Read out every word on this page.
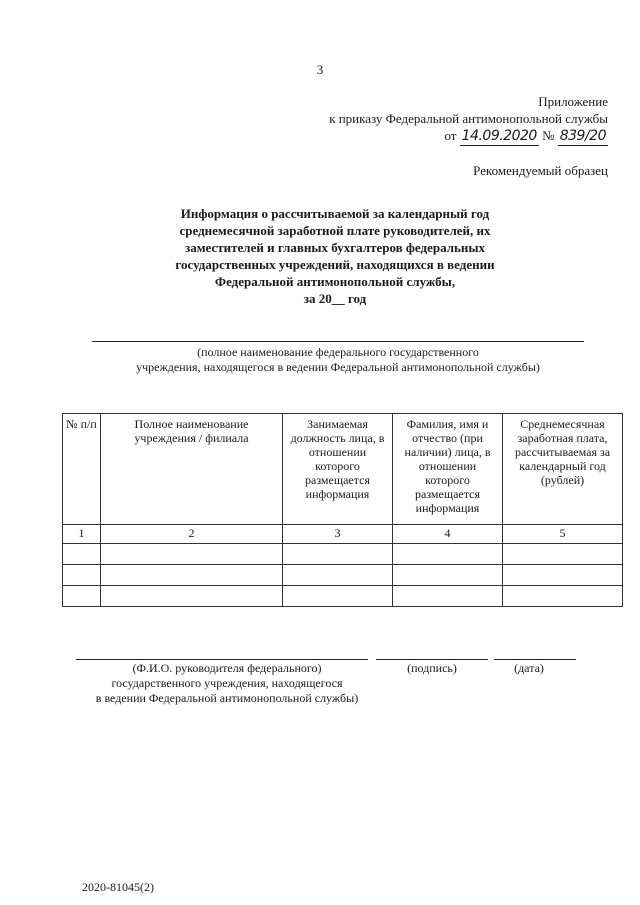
3
Приложение
к приказу Федеральной антимонопольной службы
от 14.09.2020 № 839/20
Рекомендуемый образец
Информация о рассчитываемой за календарный год
среднемесячной заработной плате руководителей, их
заместителей и главных бухгалтеров федеральных
государственных учреждений, находящихся в ведении
Федеральной антимонопольной службы,
за 20__ год
(полное наименование федерального государственного
учреждения, находящегося в ведении Федеральной антимонопольной службы)
№ п/п	Полное наименование учреждения / филиала	Занимаемая должность лица, в отношении которого размещается информация	Фамилия, имя и отчество (при наличии) лица, в отношении которого размещается информация	Среднемесячная заработная плата, рассчитываемая за календарный год (рублей)
1	2	3	4	5

(Ф.И.О. руководителя федерального)
государственного учреждения, находящегося
в ведении Федеральной антимонопольной службы)
(подпись)	(дата)
2020-81045(2)
